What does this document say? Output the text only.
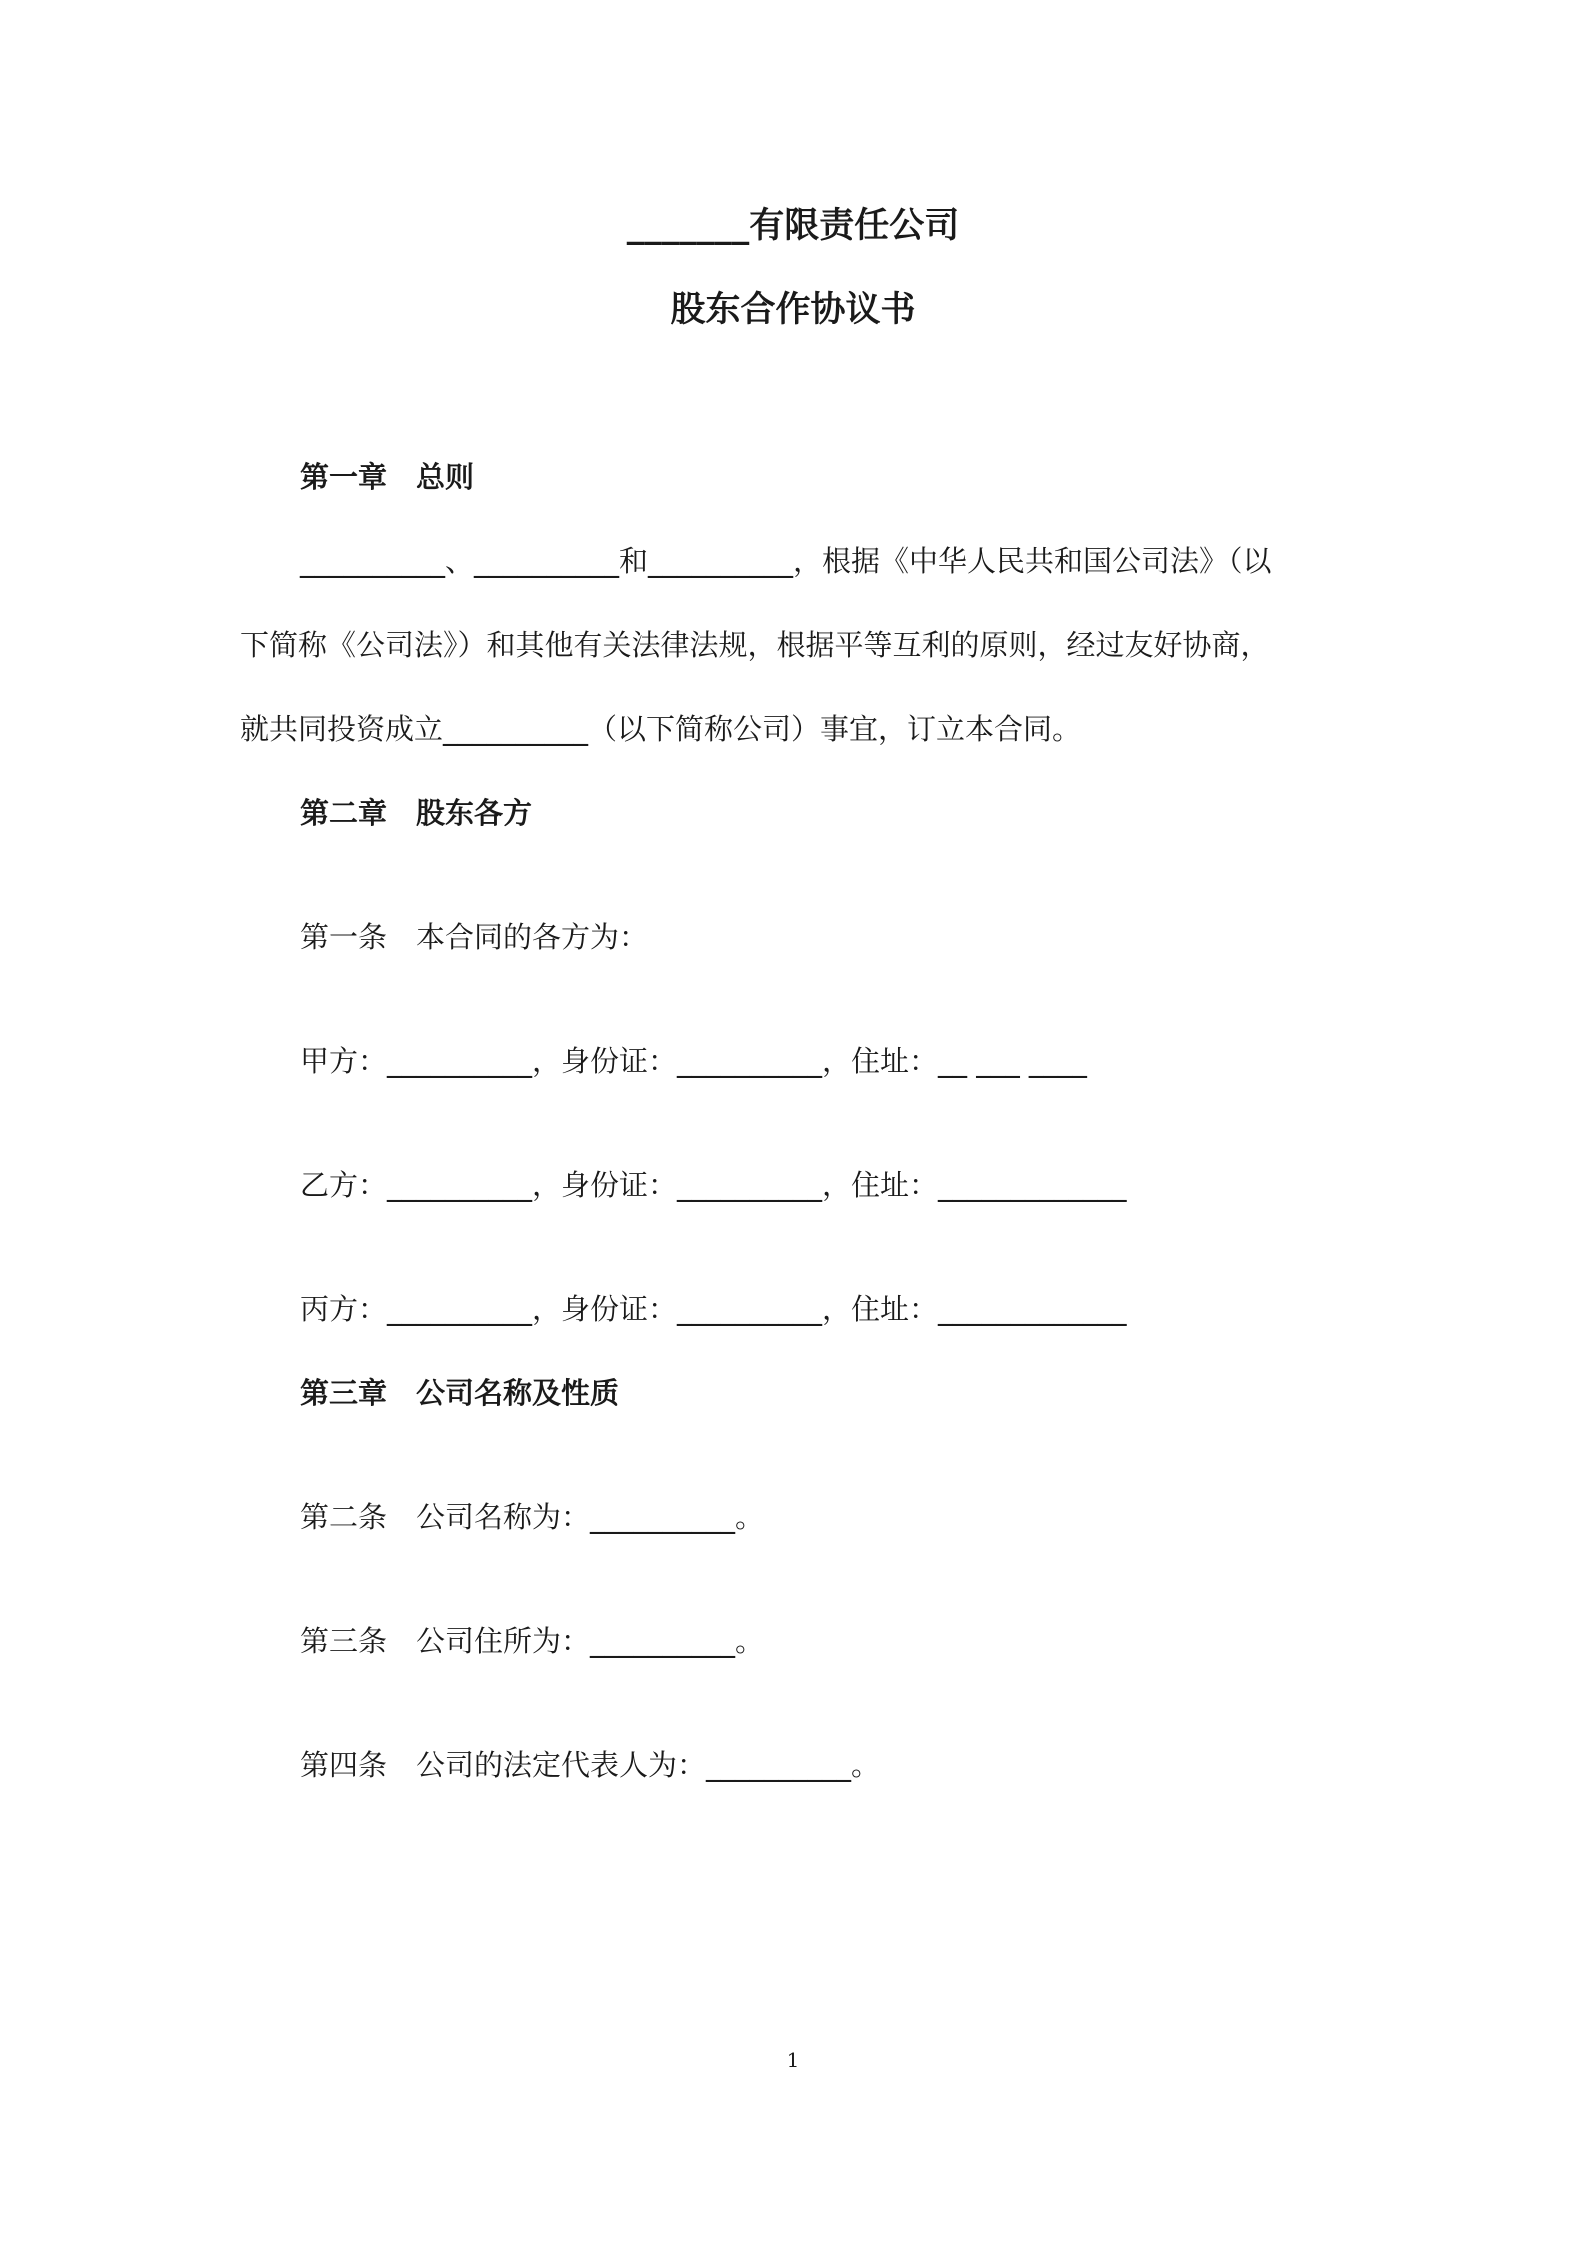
_______有限责任公司
股东合作协议书
第一章　总则
__________、__________和__________，根据《中华人民共和国公司法》（以
下简称《公司法》）和其他有关法律法规，根据平等互利的原则，经过友好协商，
就共同投资成立__________（以下简称公司）事宜，订立本合同。
第二章　股东各方
第一条　本合同的各方为：
甲方：__________，身份证：__________，住址：__ ___ ____
乙方：__________，身份证：__________，住址：_____________
丙方：__________，身份证：__________，住址：_____________
第三章　公司名称及性质
第二条　公司名称为：__________。
第三条　公司住所为：__________。
第四条　公司的法定代表人为：__________。
1
